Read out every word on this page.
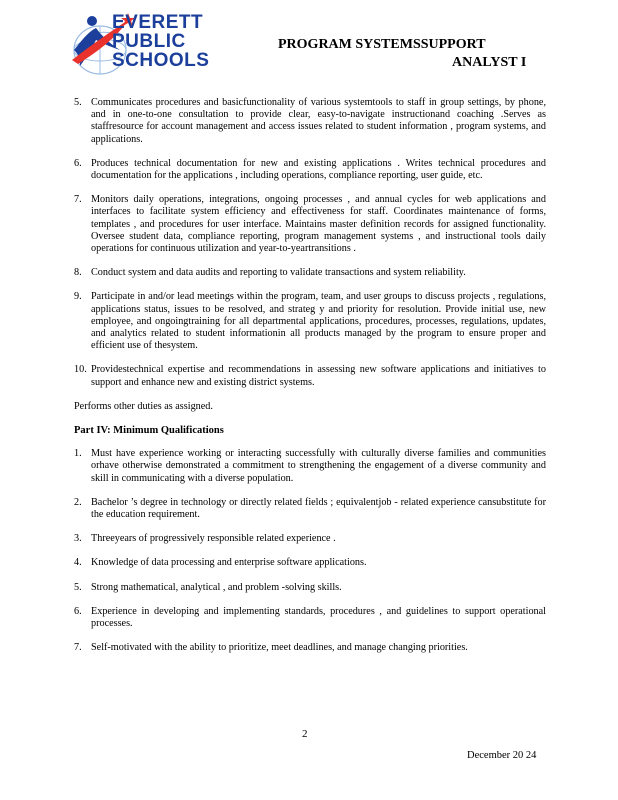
EVERETT
PUBLIC
SCHOOLS
PROGRAM SYSTEMSSUPPORT
ANALYST I
5. Communicates procedures and basicfunctionality of various systemtools to staff in group settings, by phone, and in one-to-one consultation to provide clear, easy-to-navigate instructionand coaching .Serves as staffresource for account management and access issues related to student information , program systems, and applications.
6. Produces technical documentation for new and existing applications . Writes technical procedures and documentation for the applications , including operations, compliance reporting, user guide, etc.
7. Monitors daily operations, integrations, ongoing processes , and annual cycles for web applications and interfaces to facilitate system efficiency and effectiveness for staff. Coordinates maintenance of forms, templates , and procedures for user interface. Maintains master definition records for assigned functionality. Oversee student data, compliance reporting, program management systems , and instructional tools daily operations for continuous utilization and year-to-yeartransitions .
8. Conduct system and data audits and reporting to validate transactions and system reliability.
9. Participate in and/or lead meetings within the program, team, and user groups to discuss projects , regulations, applications status, issues to be resolved, and strateg y and priority for resolution. Provide initial use, new employee, and ongoingtraining for all departmental applications, procedures, processes, regulations, updates, and analytics related to student informationin all products managed by the program to ensure proper and efficient use of thesystem.
10. Providestechnical expertise and recommendations in assessing new software applications and initiatives to support and enhance new and existing district systems.
Performs other duties as assigned.
Part IV: Minimum Qualifications
1. Must have experience working or interacting successfully with culturally diverse families and communities orhave otherwise demonstrated a commitment to strengthening the engagement of a diverse community and skill in communicating with a diverse population.
2. Bachelor ’s degree in technology or directly related fields ; equivalentjob - related experience cansubstitute for the education requirement.
3. Threeyears of progressively responsible related experience .
4. Knowledge of data processing and enterprise software applications.
5. Strong mathematical, analytical , and problem -solving skills.
6. Experience in developing and implementing standards, procedures , and guidelines to support operational processes.
7. Self-motivated with the ability to prioritize, meet deadlines, and manage changing priorities.
2
December 20 24
